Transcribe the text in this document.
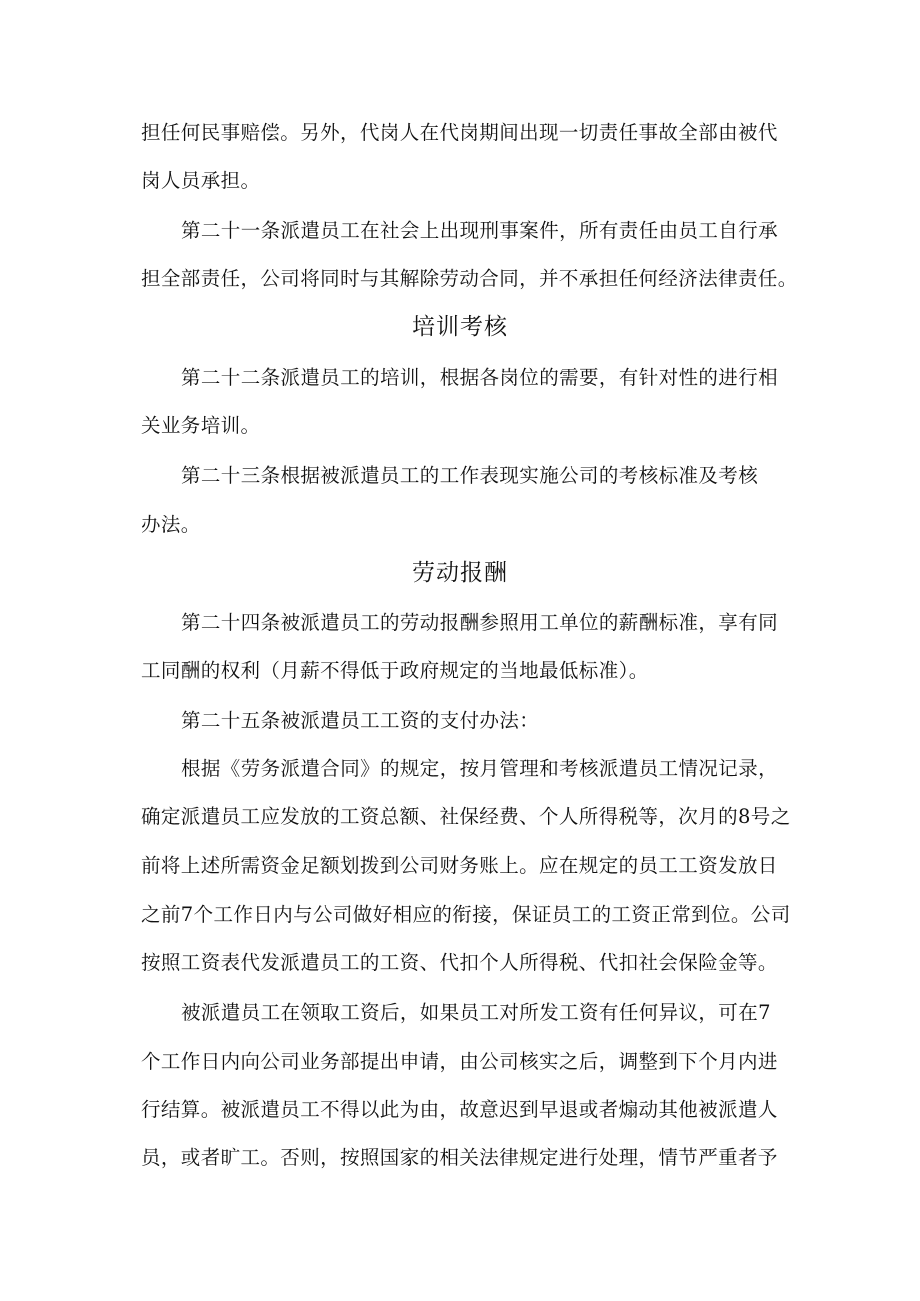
担任何民事赔偿。另外，代岗人在代岗期间出现一切责任事故全部由被代
岗人员承担。
第二十一条派遣员工在社会上出现刑事案件，所有责任由员工自行承
担全部责任，公司将同时与其解除劳动合同，并不承担任何经济法律责任。
培训考核
第二十二条派遣员工的培训，根据各岗位的需要，有针对性的进行相
关业务培训。
第二十三条根据被派遣员工的工作表现实施公司的考核标准及考核
办法。
劳动报酬
第二十四条被派遣员工的劳动报酬参照用工单位的薪酬标准，享有同
工同酬的权利（月薪不得低于政府规定的当地最低标准）。
第二十五条被派遣员工工资的支付办法：
根据《劳务派遣合同》的规定，按月管理和考核派遣员工情况记录，
确定派遣员工应发放的工资总额、社保经费、个人所得税等，次月的8号之
前将上述所需资金足额划拨到公司财务账上。应在规定的员工工资发放日
之前7个工作日内与公司做好相应的衔接，保证员工的工资正常到位。公司
按照工资表代发派遣员工的工资、代扣个人所得税、代扣社会保险金等。
被派遣员工在领取工资后，如果员工对所发工资有任何异议，可在7
个工作日内向公司业务部提出申请，由公司核实之后，调整到下个月内进
行结算。被派遣员工不得以此为由，故意迟到早退或者煽动其他被派遣人
员，或者旷工。否则，按照国家的相关法律规定进行处理，情节严重者予
